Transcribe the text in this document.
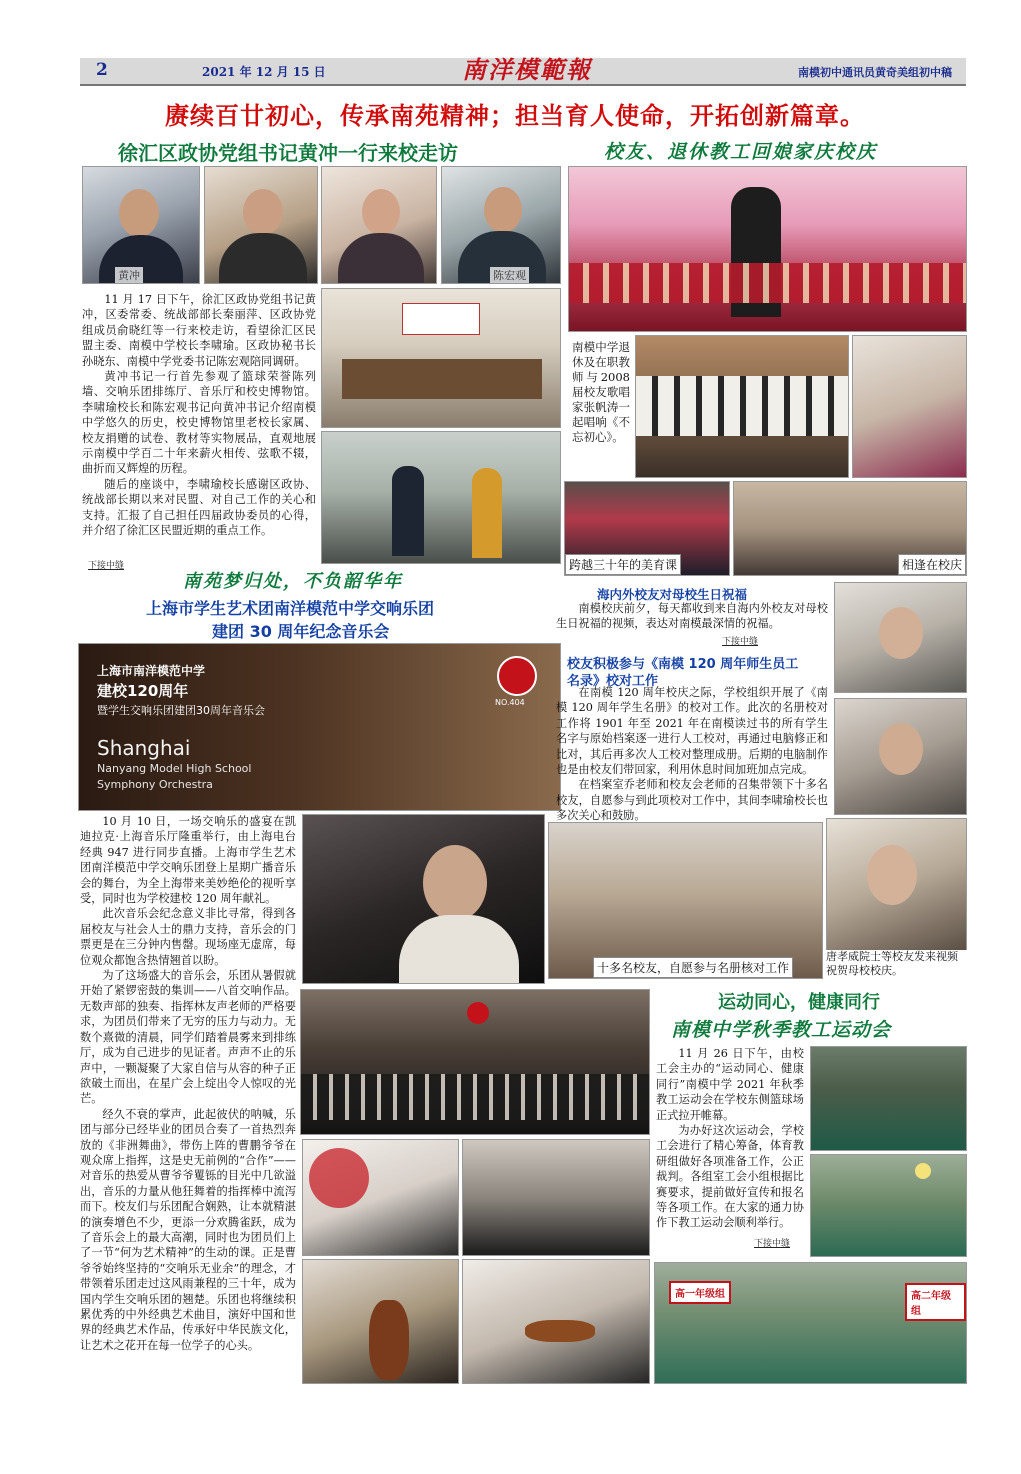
2	2021 年 12 月 15 日	南模初中通讯员黄奇美组初中稿
南洋模範報
赓续百廿初心，传承南苑精神；担当育人使命，开拓创新篇章。
徐汇区政协党组书记黄冲一行来校走访
黄冲	陈宏观

11 月 17 日下午，徐汇区政协党组书记黄冲，区委常委、统战部部长秦丽萍、区政协党组成员俞晓红等一行来校走访，看望徐汇区民盟主委、南模中学校长李啸瑜。区政协秘书长孙晓东、南模中学党委书记陈宏观陪同调研。

黄冲书记一行首先参观了篮球荣誉陈列墙、交响乐团排练厅、音乐厅和校史博物馆。李啸瑜校长和陈宏观书记向黄冲书记介绍南模中学悠久的历史，校史博物馆里老校长家属、校友捐赠的试卷、教材等实物展品，直观地展示南模中学百二十年来薪火相传、弦歌不辍，曲折而又辉煌的历程。

随后的座谈中，李啸瑜校长感谢区政协、统战部长期以来对民盟、对自己工作的关心和支持。汇报了自己担任四届政协委员的心得，并介绍了徐汇区民盟近期的重点工作。

下接中缝
校友、退休教工回娘家庆校庆
南模中学退休及在职教师与2008届校友歌唱家张帆涛一起唱响《不忘初心》。
跨越三十年的美育课	相逢在校庆
南苑梦归处，不负韶华年
上海市学生艺术团南洋模范中学交响乐团
建团 30 周年纪念音乐会
上海市南洋模范中学
建校120周年
暨学生交响乐团建团30周年音乐会
Shanghai
Nanyang Model High School
Symphony Orchestra
NO.404

10 月 10 日，一场交响乐的盛宴在凯迪拉克·上海音乐厅隆重举行，由上海电台经典 947 进行同步直播。上海市学生艺术团南洋模范中学交响乐团登上星期广播音乐会的舞台，为全上海带来美妙绝伦的视听享受，同时也为学校建校 120 周年献礼。

此次音乐会纪念意义非比寻常，得到各届校友与社会人士的鼎力支持，音乐会的门票更是在三分钟内售罄。现场座无虚席，每位观众都饱含热情翘首以盼。

为了这场盛大的音乐会，乐团从暑假就开始了紧锣密鼓的集训——八首交响作品。无数声部的独奏、指挥林友声老师的严格要求，为团员们带来了无穷的压力与动力。无数个熹微的清晨，同学们踏着晨雾来到排练厅，成为自己进步的见证者。声声不止的乐声中，一颗凝聚了大家自信与从容的种子正欲破土而出，在星广会上绽出令人惊叹的光芒。

经久不衰的掌声，此起彼伏的呐喊，乐团与部分已经毕业的团员合奏了一首热烈奔放的《非洲舞曲》，带伤上阵的曹鹏爷爷在观众席上指挥，这是史无前例的“合作”——对音乐的热爱从曹爷爷矍铄的目光中几欲溢出，音乐的力量从他狂舞着的指挥棒中流泻而下。校友们与乐团配合娴熟，让本就精湛的演奏增色不少，更添一分欢腾雀跃，成为了音乐会上的最大高潮，同时也为团员们上了一节“何为艺术精神”的生动的课。正是曹爷爷始终坚持的“交响乐无业余”的理念，才带领着乐团走过这风雨兼程的三十年，成为国内学生交响乐团的翘楚。乐团也将继续积累优秀的中外经典艺术曲目，演好中国和世界的经典艺术作品，传承好中华民族文化，让艺术之花开在每一位学子的心头。

海内外校友对母校生日祝福

南模校庆前夕，每天都收到来自海内外校友对母校生日祝福的视频，表达对南模最深情的祝福。

下接中缝
校友积极参与《南模 120 周年师生员工
名录》校对工作

在南模 120 周年校庆之际，学校组织开展了《南模 120 周年学生名册》的校对工作。此次的名册校对工作将 1901 年至 2021 年在南模读过书的所有学生名字与原始档案逐一进行人工校对，再通过电脑修正和比对，其后再多次人工校对整理成册。后期的电脑制作也是由校友们带回家，利用休息时间加班加点完成。

在档案室乔老师和校友会老师的召集带领下十多名校友，自愿参与到此项校对工作中，其间李啸瑜校长也多次关心和鼓励。

十多名校友，自愿参与名册核对工作
唐孝威院士等校友发来视频祝贺母校校庆。
运动同心，健康同行
南模中学秋季教工运动会

11 月 26 日下午，由校工会主办的“运动同心、健康同行”南模中学 2021 年秋季教工运动会在学校东侧篮球场正式拉开帷幕。

为办好这次运动会，学校工会进行了精心筹备，体育教研组做好各项准备工作，公正裁判。各组室工会小组根据比赛要求，提前做好宣传和报名等各项工作。在大家的通力协作下教工运动会顺利举行。

下接中缝
高一年级组	高二年级组
